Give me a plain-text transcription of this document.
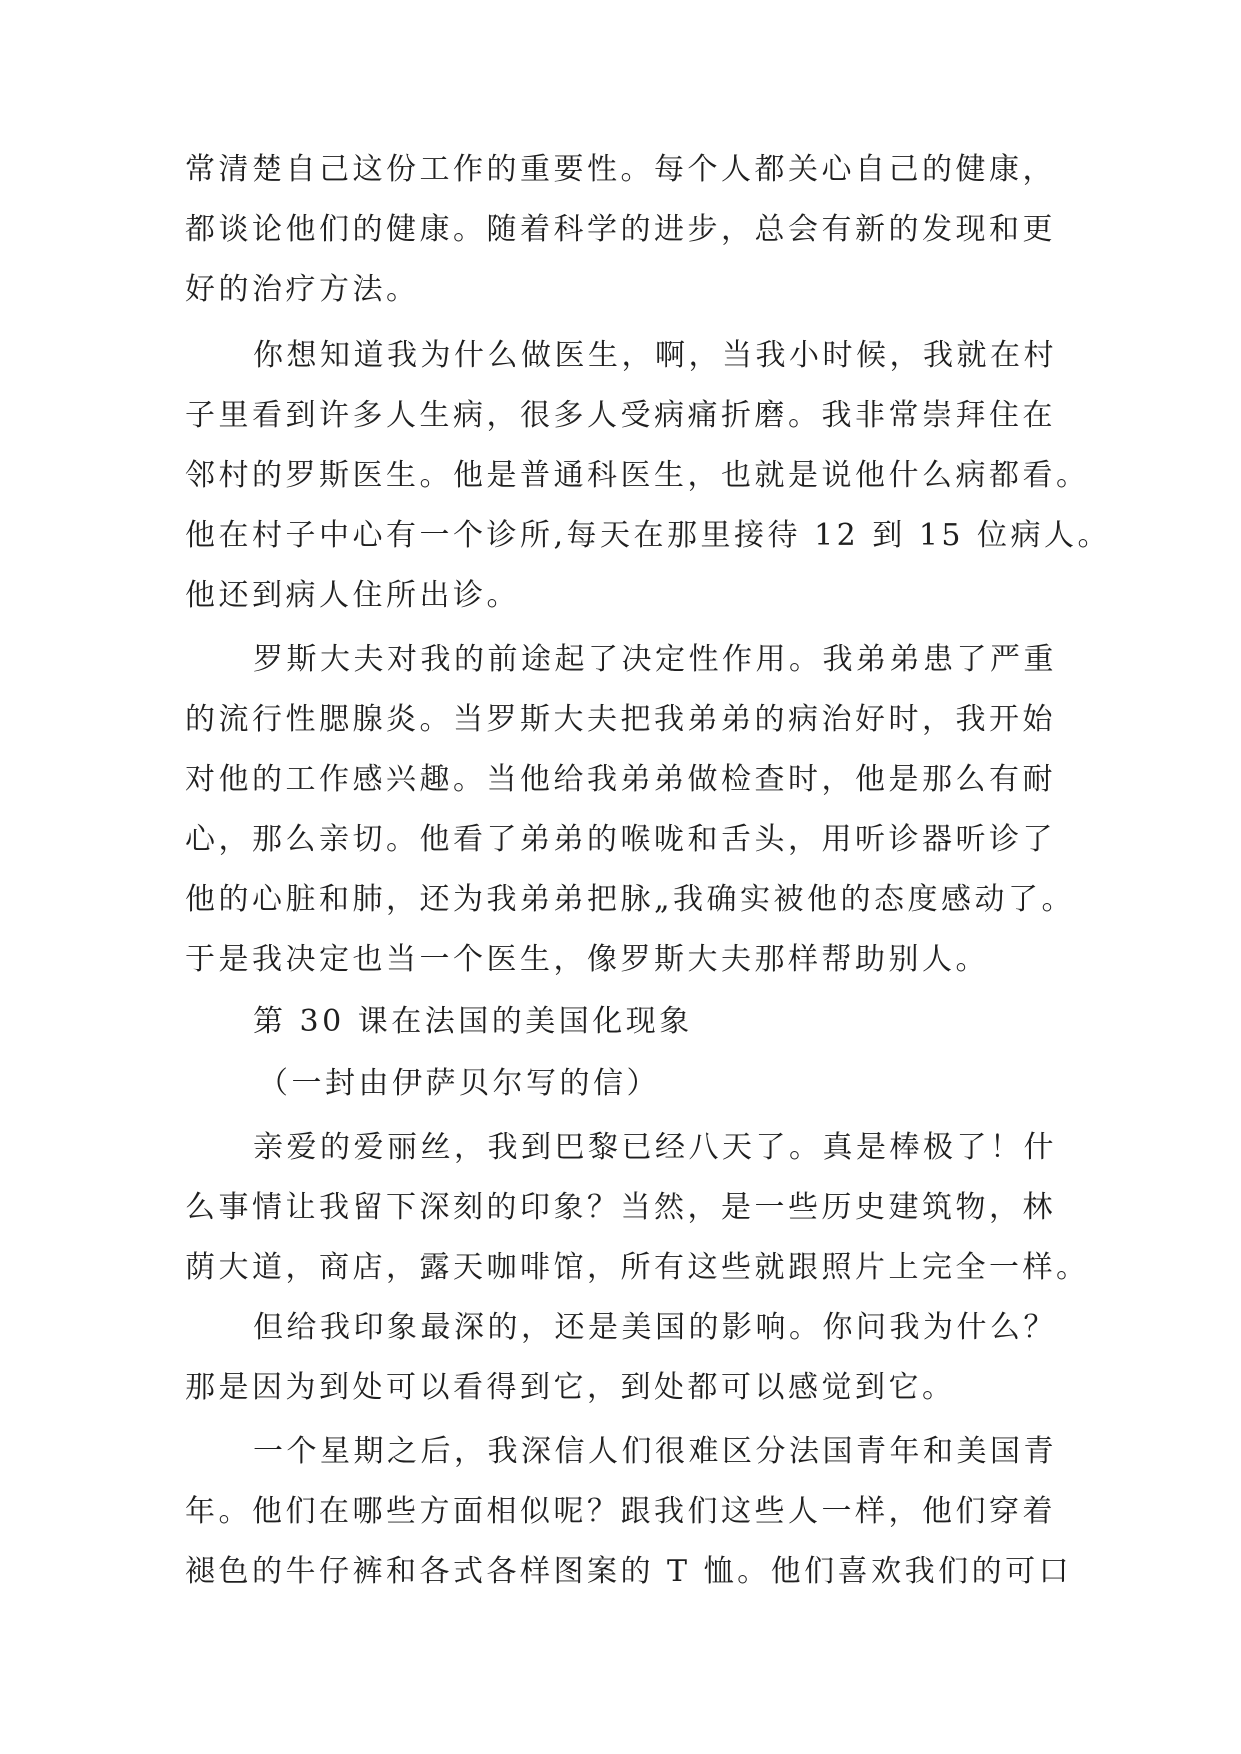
常清楚自己这份工作的重要性。每个人都关心自己的健康，
都谈论他们的健康。随着科学的进步，总会有新的发现和更
好的治疗方法。
你想知道我为什么做医生，啊，当我小时候，我就在村
子里看到许多人生病，很多人受病痛折磨。我非常崇拜住在
邻村的罗斯医生。他是普通科医生，也就是说他什么病都看。
他在村子中心有一个诊所,每天在那里接待 12 到 15 位病人。
他还到病人住所出诊。
罗斯大夫对我的前途起了决定性作用。我弟弟患了严重
的流行性腮腺炎。当罗斯大夫把我弟弟的病治好时，我开始
对他的工作感兴趣。当他给我弟弟做检查时，他是那么有耐
心，那么亲切。他看了弟弟的喉咙和舌头，用听诊器听诊了
他的心脏和肺，还为我弟弟把脉„我确实被他的态度感动了。
于是我决定也当一个医生，像罗斯大夫那样帮助别人。
第 30 课在法国的美国化现象
（一封由伊萨贝尔写的信）
亲爱的爱丽丝，我到巴黎已经八天了。真是棒极了！什
么事情让我留下深刻的印象？当然，是一些历史建筑物，林
荫大道，商店，露天咖啡馆，所有这些就跟照片上完全一样。
但给我印象最深的，还是美国的影响。你问我为什么？
那是因为到处可以看得到它，到处都可以感觉到它。
一个星期之后，我深信人们很难区分法国青年和美国青
年。他们在哪些方面相似呢？跟我们这些人一样，他们穿着
褪色的牛仔裤和各式各样图案的 T 恤。他们喜欢我们的可口
